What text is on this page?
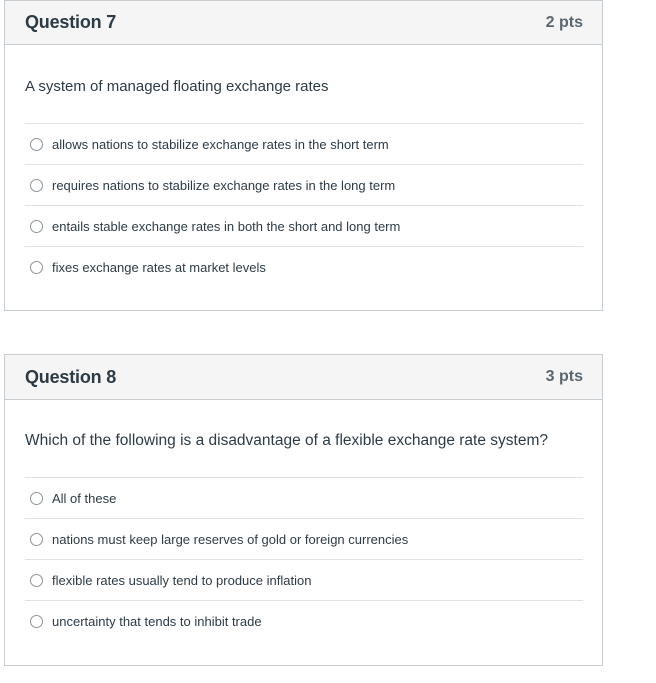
Question 7	2 pts
A system of managed floating exchange rates
allows nations to stabilize exchange rates in the short term
requires nations to stabilize exchange rates in the long term
entails stable exchange rates in both the short and long term
fixes exchange rates at market levels
Question 8	3 pts
Which of the following is a disadvantage of a flexible exchange rate system?
All of these
nations must keep large reserves of gold or foreign currencies
flexible rates usually tend to produce inflation
uncertainty that tends to inhibit trade
